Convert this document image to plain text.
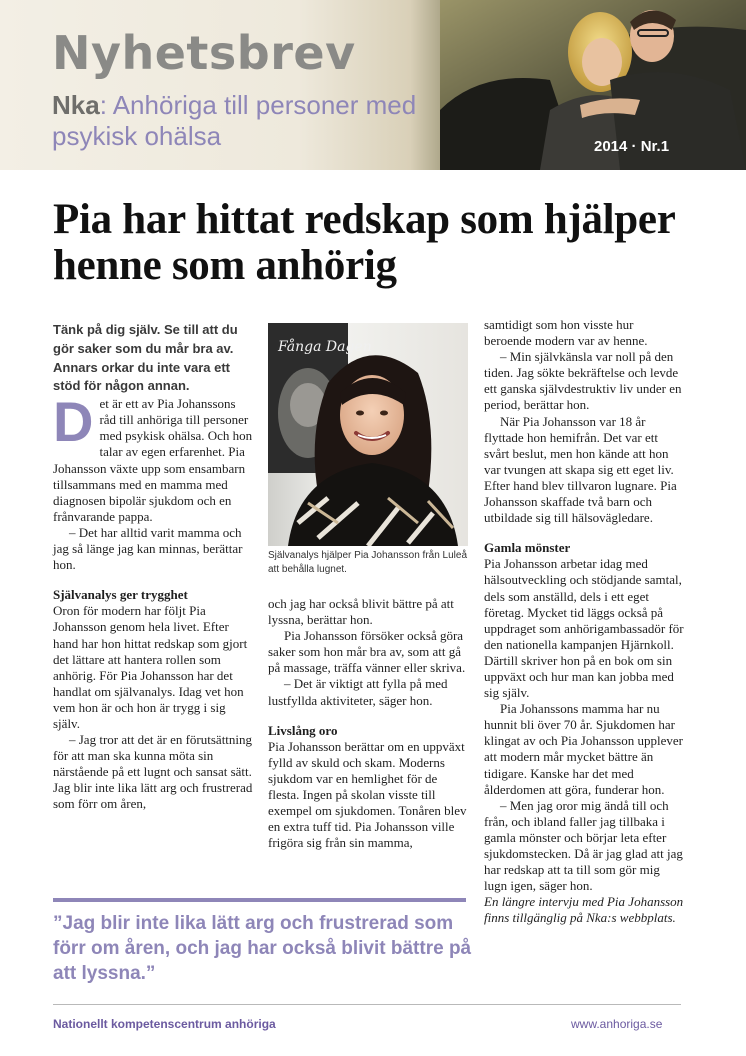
Nyhetsbrev
Nka: Anhöriga till personer med psykisk ohälsa	2014 · Nr.1
Pia har hittat redskap som hjälper henne som anhörig

Tänk på dig själv. Se till att du gör saker som du mår bra av. Annars orkar du inte vara ett stöd för någon annan.

Det är ett av Pia Johanssons råd till anhöriga till personer med psykisk ohälsa. Och hon talar av egen erfarenhet. Pia Johansson växte upp som ensambarn tillsammans med en mamma med diagnosen bipolär sjukdom och en frånvarande pappa.

– Det har alltid varit mamma och jag så länge jag kan minnas, berättar hon.

Självanalys ger trygghet

Oron för modern har följt Pia Johansson genom hela livet. Efter hand har hon hittat redskap som gjort det lättare att hantera rollen som anhörig. För Pia Johansson har det handlat om självanalys. Idag vet hon vem hon är och hon är trygg i sig själv.

– Jag tror att det är en förutsättning för att man ska kunna möta sin närstående på ett lugnt och sansat sätt. Jag blir inte lika lätt arg och frustrerad som förr om åren,

Fånga Dagen
Självanalys hjälper Pia Johansson från Luleå att behålla lugnet.

och jag har också blivit bättre på att lyssna, berättar hon.

Pia Johansson försöker också göra saker som hon mår bra av, som att gå på massage, träffa vänner eller skriva.

– Det är viktigt att fylla på med lustfyllda aktiviteter, säger hon.

Livslång oro

Pia Johansson berättar om en uppväxt fylld av skuld och skam. Moderns sjukdom var en hemlighet för de flesta. Ingen på skolan visste till exempel om sjukdomen. Tonåren blev en extra tuff tid. Pia Johansson ville frigöra sig från sin mamma,

samtidigt som hon visste hur beroende modern var av henne.

– Min självkänsla var noll på den tiden. Jag sökte bekräftelse och levde ett ganska självdestruktiv liv under en period, berättar hon.

När Pia Johansson var 18 år flyttade hon hemifrån. Det var ett svårt beslut, men hon kände att hon var tvungen att skapa sig ett eget liv. Efter hand blev tillvaron lugnare. Pia Johansson skaffade två barn och utbildade sig till hälsovägledare.

Gamla mönster

Pia Johansson arbetar idag med hälsoutveckling och stödjande samtal, dels som anställd, dels i ett eget företag. Mycket tid läggs också på uppdraget som anhörigambassadör för den nationella kampanjen Hjärnkoll. Därtill skriver hon på en bok om sin uppväxt och hur man kan jobba med sig själv.

Pia Johanssons mamma har nu hunnit bli över 70 år. Sjukdomen har klingat av och Pia Johansson upplever att modern mår mycket bättre än tidigare. Kanske har det med ålderdomen att göra, funderar hon.

– Men jag oror mig ändå till och från, och ibland faller jag tillbaka i gamla mönster och börjar leta efter sjukdomstecken. Då är jag glad att jag har redskap att ta till som gör mig lugn igen, säger hon.

En längre intervju med Pia Johansson finns tillgänglig på Nka:s webbplats.

”Jag blir inte lika lätt arg och frustrerad som förr om åren, och jag har också blivit bättre på att lyssna.”
Nationellt kompetenscentrum anhöriga	www.anhoriga.se
